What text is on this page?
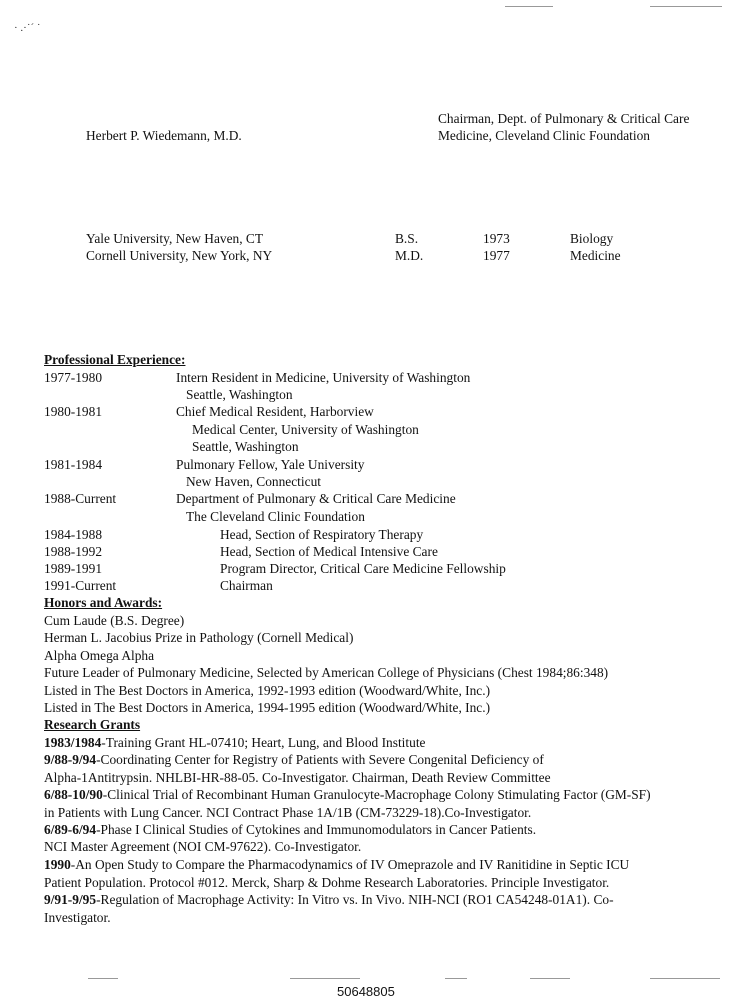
· .·˙´ ˙
Herbert P. Wiedemann, M.D.
Chairman, Dept. of Pulmonary & Critical Care
Medicine, Cleveland Clinic Foundation
Yale University, New Haven, CT	B.S.	1973	Biology
Cornell University, New York, NY	M.D.	1977	Medicine
Professional Experience:
1977-1980	Intern Resident in Medicine, University of Washington
Seattle, Washington
1980-1981	Chief Medical Resident, Harborview
Medical Center, University of Washington
Seattle, Washington
1981-1984	Pulmonary Fellow, Yale University
New Haven, Connecticut
1988-Current	Department of Pulmonary & Critical Care Medicine
The Cleveland Clinic Foundation
1984-1988	Head, Section of Respiratory Therapy
1988-1992	Head, Section of Medical Intensive Care
1989-1991	Program Director, Critical Care Medicine Fellowship
1991-Current	Chairman
Honors and Awards:
Cum Laude (B.S. Degree)
Herman L. Jacobius Prize in Pathology (Cornell Medical)
Alpha Omega Alpha
Future Leader of Pulmonary Medicine, Selected by American College of Physicians (Chest 1984;86:348)
Listed in The Best Doctors in America, 1992-1993 edition (Woodward/White, Inc.)
Listed in The Best Doctors in America, 1994-1995 edition (Woodward/White, Inc.)
Research Grants
1983/1984-Training Grant HL-07410; Heart, Lung, and Blood Institute
9/88-9/94-Coordinating Center for Registry of Patients with Severe Congenital Deficiency of
Alpha-1Antitrypsin. NHLBI-HR-88-05. Co-Investigator. Chairman, Death Review Committee
6/88-10/90-Clinical Trial of Recombinant Human Granulocyte-Macrophage Colony Stimulating Factor (GM-SF)
in Patients with Lung Cancer. NCI Contract Phase 1A/1B (CM-73229-18).Co-Investigator.
6/89-6/94-Phase I Clinical Studies of Cytokines and Immunomodulators in Cancer Patients.
NCI Master Agreement (NOI CM-97622). Co-Investigator.
1990-An Open Study to Compare the Pharmacodynamics of IV Omeprazole and IV Ranitidine in Septic ICU
Patient Population. Protocol #012. Merck, Sharp & Dohme Research Laboratories. Principle Investigator.
9/91-9/95-Regulation of Macrophage Activity: In Vitro vs. In Vivo. NIH-NCI (RO1 CA54248-01A1). Co-
Investigator.
50648805
